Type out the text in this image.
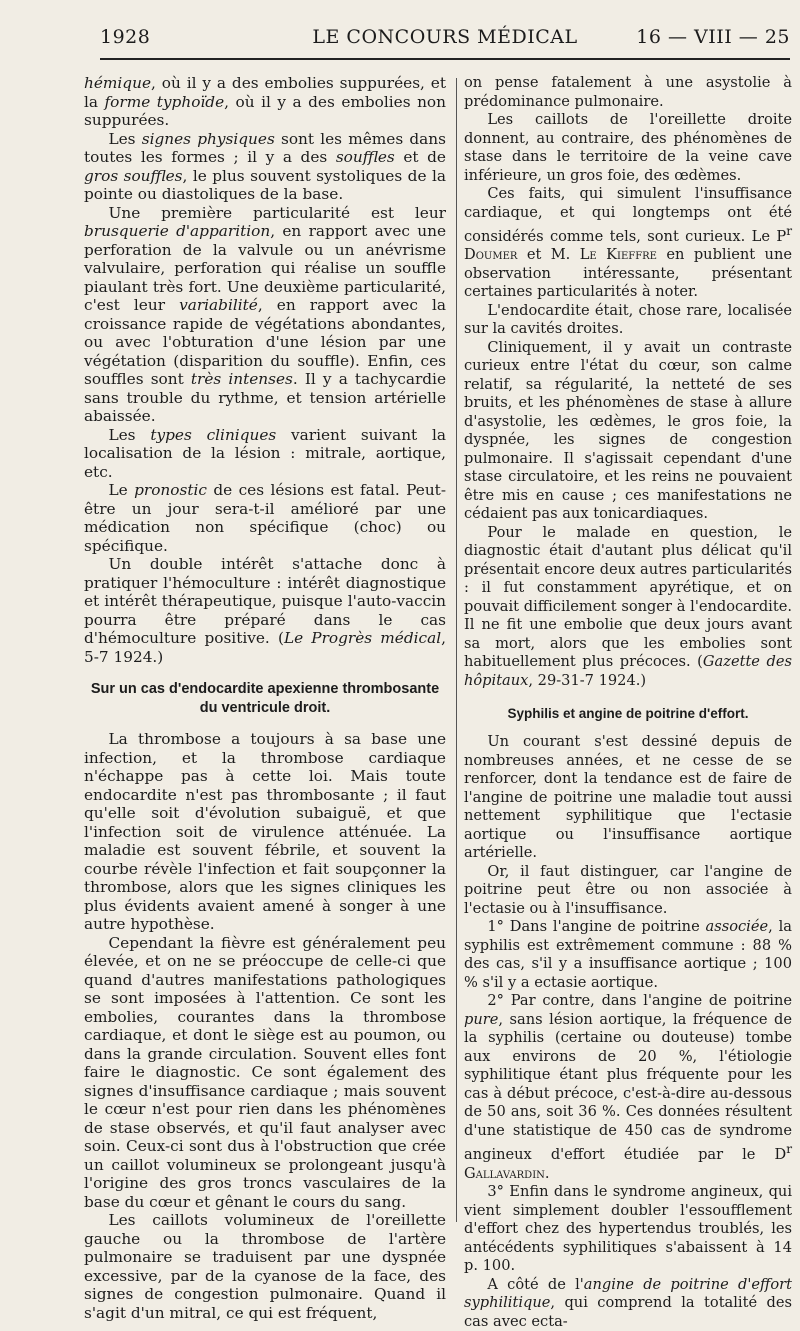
1928	LE CONCOURS MÉDICAL	16 — VIII — 25

hémique, où il y a des embolies suppurées, et la forme typhoïde, où il y a des embolies non suppurées.

Les signes physiques sont les mêmes dans toutes les formes ; il y a des souffles et de gros souffles, le plus souvent systoliques de la pointe ou diastoliques de la base.

Une première particularité est leur brusquerie d'apparition, en rapport avec une perforation de la valvule ou un anévrisme valvulaire, perforation qui réalise un souffle piaulant très fort. Une deuxième particularité, c'est leur variabilité, en rapport avec la croissance rapide de végétations abondantes, ou avec l'obturation d'une lésion par une végétation (disparition du souffle). Enfin, ces souffles sont très intenses. Il y a tachycardie sans trouble du rythme, et tension artérielle abaissée.

Les types cliniques varient suivant la localisation de la lésion : mitrale, aortique, etc.

Le pronostic de ces lésions est fatal. Peut-être un jour sera-t-il amélioré par une médication non spécifique (choc) ou spécifique.

Un double intérêt s'attache donc à pratiquer l'hémoculture : intérêt diagnostique et intérêt thérapeutique, puisque l'auto-vaccin pourra être préparé dans le cas d'hémoculture positive. (Le Progrès médical, 5-7 1924.)

Sur un cas d'endocardite apexienne thrombosante du ventricule droit.

La thrombose a toujours à sa base une infection, et la thrombose cardiaque n'échappe pas à cette loi. Mais toute endocardite n'est pas thrombosante ; il faut qu'elle soit d'évolution subaiguë, et que l'infection soit de virulence atténuée. La maladie est souvent fébrile, et souvent la courbe révèle l'infection et fait soupçonner la thrombose, alors que les signes cliniques les plus évidents avaient amené à songer à une autre hypothèse.

Cependant la fièvre est généralement peu élevée, et on ne se préoccupe de celle-ci que quand d'autres manifestations pathologiques se sont imposées à l'attention. Ce sont les embolies, courantes dans la thrombose cardiaque, et dont le siège est au poumon, ou dans la grande circulation. Souvent elles font faire le diagnostic. Ce sont également des signes d'insuffisance cardiaque ; mais souvent le cœur n'est pour rien dans les phénomènes de stase observés, et qu'il faut analyser avec soin. Ceux-ci sont dus à l'obstruction que crée un caillot volumineux se prolongeant jusqu'à l'origine des gros troncs vasculaires de la base du cœur et gênant le cours du sang.

Les caillots volumineux de l'oreillette gauche ou la thrombose de l'artère pulmonaire se traduisent par une dyspnée excessive, par de la cyanose de la face, des signes de congestion pulmonaire. Quand il s'agit d'un mitral, ce qui est fréquent,

on pense fatalement à une asystolie à prédominance pulmonaire.

Les caillots de l'oreillette droite donnent, au contraire, des phénomènes de stase dans le territoire de la veine cave inférieure, un gros foie, des œdèmes.

Ces faits, qui simulent l'insuffisance cardiaque, et qui longtemps ont été considérés comme tels, sont curieux. Le $P^r$ Doumer et M. Le Kieffre en publient une observation intéressante, présentant certaines particularités à noter.

L'endocardite était, chose rare, localisée sur la cavités droites.

Cliniquement, il y avait un contraste curieux entre l'état du cœur, son calme relatif, sa régularité, la netteté de ses bruits, et les phénomènes de stase à allure d'asystolie, les œdèmes, le gros foie, la dyspnée, les signes de congestion pulmonaire. Il s'agissait cependant d'une stase circulatoire, et les reins ne pouvaient être mis en cause ; ces manifestations ne cédaient pas aux tonicardiaques.

Pour le malade en question, le diagnostic était d'autant plus délicat qu'il présentait encore deux autres particularités : il fut constamment apyrétique, et on pouvait difficilement songer à l'endocardite. Il ne fit une embolie que deux jours avant sa mort, alors que les embolies sont habituellement plus précoces. (Gazette des hôpitaux, 29-31-7 1924.)

Syphilis et angine de poitrine d'effort.

Un courant s'est dessiné depuis de nombreuses années, et ne cesse de se renforcer, dont la tendance est de faire de l'angine de poitrine une maladie tout aussi nettement syphilitique que l'ectasie aortique ou l'insuffisance aortique artérielle.

Or, il faut distinguer, car l'angine de poitrine peut être ou non associée à l'ectasie ou à l'insuffisance.

1° Dans l'angine de poitrine associée, la syphilis est extrêmement commune : 88 % des cas, s'il y a insuffisance aortique ; 100 % s'il y a ectasie aortique.

2° Par contre, dans l'angine de poitrine pure, sans lésion aortique, la fréquence de la syphilis (certaine ou douteuse) tombe aux environs de 20 %, l'étiologie syphilitique étant plus fréquente pour les cas à début précoce, c'est-à-dire au-dessous de 50 ans, soit 36 %. Ces données résultent d'une statistique de 450 cas de syndrome angineux d'effort étudiée par le $D^r$ Gallavardin.

3° Enfin dans le syndrome angineux, qui vient simplement doubler l'essoufflement d'effort chez des hypertendus troublés, les antécédents syphilitiques s'abaissent à 14 p. 100.

A côté de l'angine de poitrine d'effort syphilitique, qui comprend la totalité des cas avec ecta-
